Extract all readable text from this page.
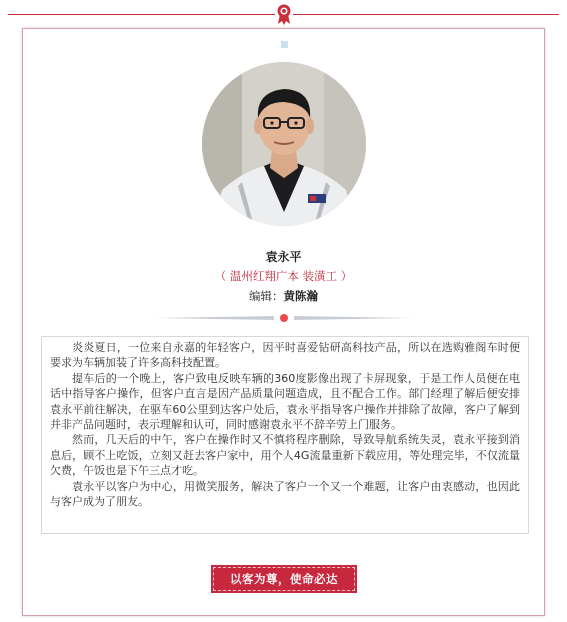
袁永平
（ 温州红翔广本 装潢工 ）
编辑：黄陈瀚

炎炎夏日，一位来自永嘉的年轻客户，因平时喜爱钻研高科技产品，所以在选购雅阁车时便要求为车辆加装了许多高科技配置。

提车后的一个晚上，客户致电反映车辆的360度影像出现了卡屏现象，于是工作人员便在电话中指导客户操作，但客户直言是因产品质量问题造成，且不配合工作。部门经理了解后便安排袁永平前往解决，在驱车60公里到达客户处后，袁永平指导客户操作并排除了故障，客户了解到并非产品问题时，表示理解和认可，同时感谢袁永平不辞辛劳上门服务。

然而，几天后的中午，客户在操作时又不慎将程序删除，导致导航系统失灵，袁永平接到消息后，顾不上吃饭，立刻又赶去客户家中，用个人4G流量重新下载应用，等处理完毕，不仅流量欠费，午饭也是下午三点才吃。

袁永平以客户为中心，用微笑服务，解决了客户一个又一个难题，让客户由衷感动，也因此与客户成为了朋友。

以客为尊，使命必达
